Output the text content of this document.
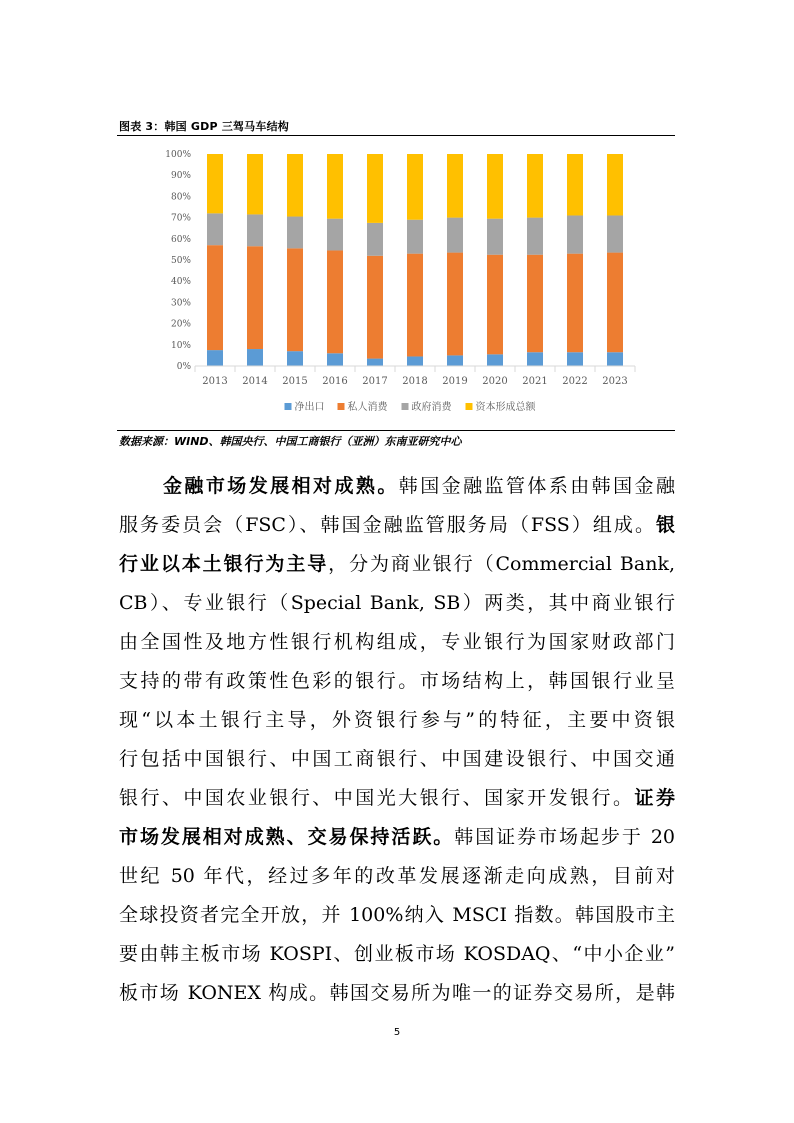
图表 3：韩国 GDP 三驾马车结构
0%
10%
20%
30%
40%
50%
60%
70%
80%
90%
100%
2013 2014 2015 2016 2017 2018 2019 2020 2021 2022 2023
净出口 私人消费 政府消费 资本形成总额
数据来源：WIND、韩国央行、中国工商银行（亚洲）东南亚研究中心
金融市场发展相对成熟。韩国金融监管体系由韩国金融
服务委员会（FSC）、韩国金融监管服务局（FSS）组成。银
行业以本土银行为主导，分为商业银行（Commercial Bank,
CB）、专业银行（Special Bank, SB）两类，其中商业银行
由全国性及地方性银行机构组成，专业银行为国家财政部门
支持的带有政策性色彩的银行。市场结构上，韩国银行业呈
现“以本土银行主导，外资银行参与”的特征，主要中资银
行包括中国银行、中国工商银行、中国建设银行、中国交通
银行、中国农业银行、中国光大银行、国家开发银行。证券
市场发展相对成熟、交易保持活跃。韩国证券市场起步于 20
世纪 50 年代，经过多年的改革发展逐渐走向成熟，目前对
全球投资者完全开放，并 100%纳入 MSCI 指数。韩国股市主
要由韩主板市场 KOSPI、创业板市场 KOSDAQ、“中小企业”
板市场 KONEX 构成。韩国交易所为唯一的证券交易所，是韩
5
